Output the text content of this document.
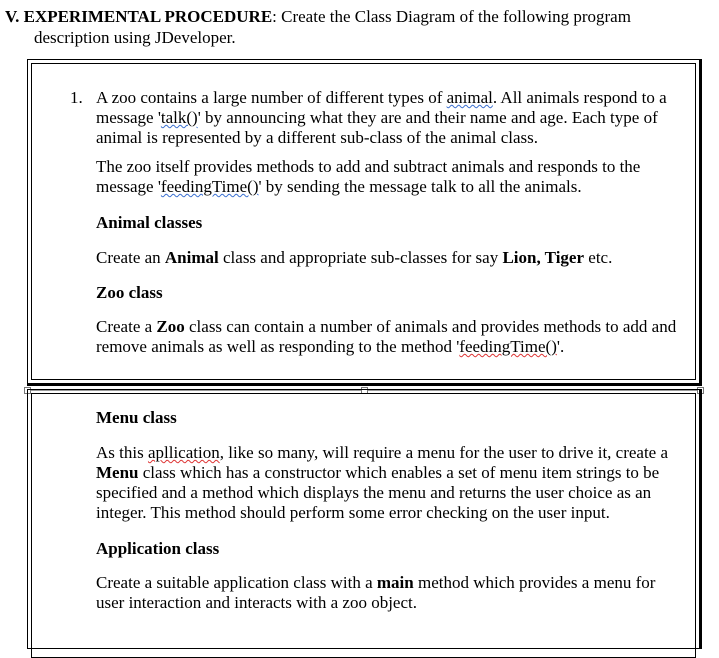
V. EXPERIMENTAL PROCEDURE: Create the Class Diagram of the following program
description using JDeveloper.
1. A zoo contains a large number of different types of animal. All animals respond to a message 'talk()' by announcing what they are and their name and age. Each type of animal is represented by a different sub-class of the animal class.

The zoo itself provides methods to add and subtract animals and responds to the message 'feedingTime()' by sending the message talk to all the animals.

Animal classes

Create an Animal class and appropriate sub-classes for say Lion, Tiger etc.

Zoo class

Create a Zoo class can contain a number of animals and provides methods to add and remove animals as well as responding to the method 'feedingTime()'.

Menu class

As this apllication, like so many, will require a menu for the user to drive it, create a Menu class which has a constructor which enables a set of menu item strings to be specified and a method which displays the menu and returns the user choice as an integer. This method should perform some error checking on the user input.

Application class

Create a suitable application class with a main method which provides a menu for user interaction and interacts with a zoo object.
